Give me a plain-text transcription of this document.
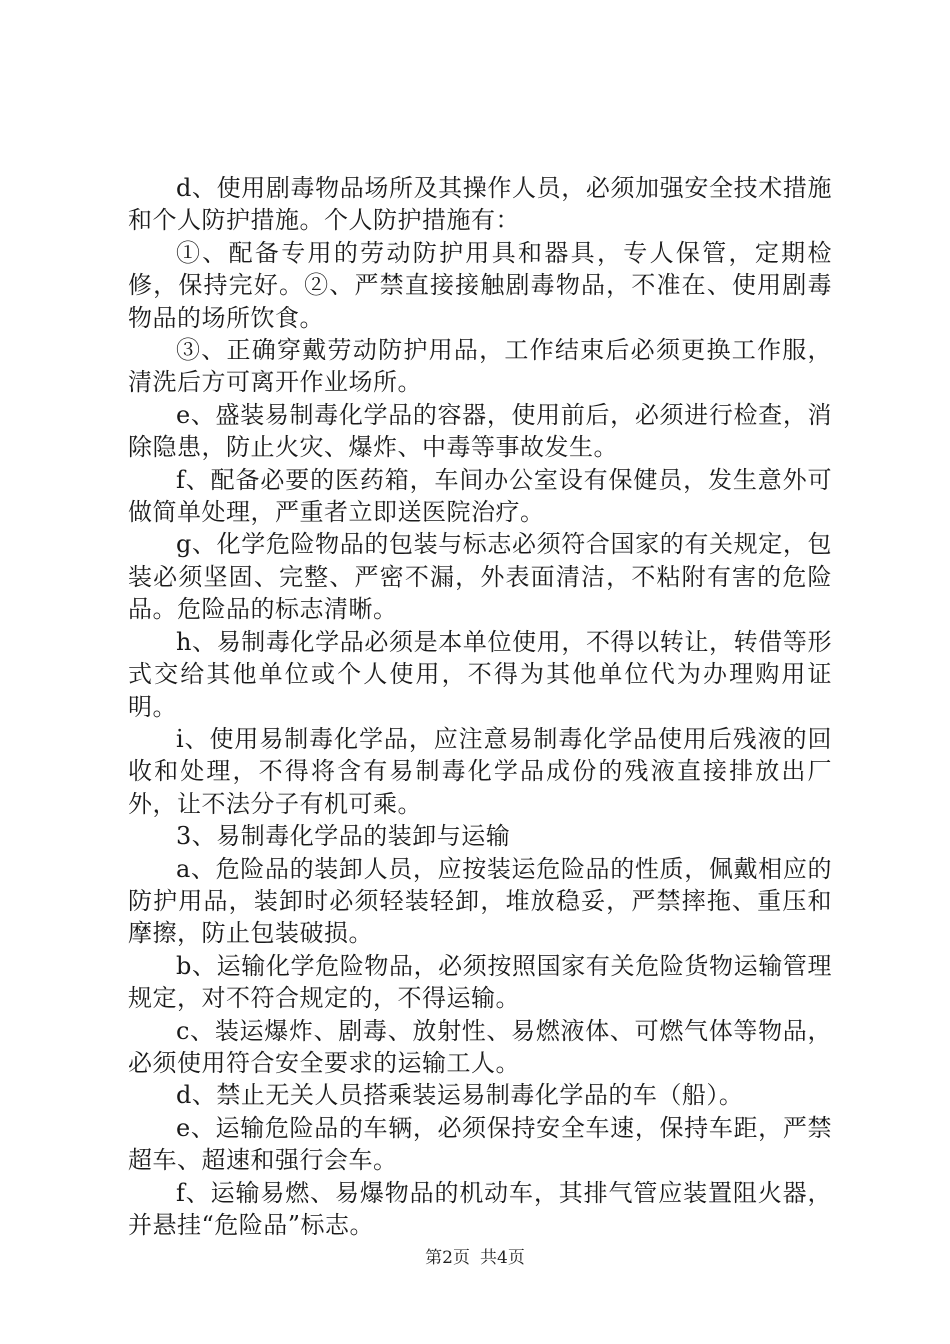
d、使用剧毒物品场所及其操作人员，必须加强安全技术措施和个人防护措施。个人防护措施有：

①、配备专用的劳动防护用具和器具，专人保管，定期检修，保持完好。②、严禁直接接触剧毒物品，不准在、使用剧毒物品的场所饮食。

③、正确穿戴劳动防护用品，工作结束后必须更换工作服，清洗后方可离开作业场所。

e、盛装易制毒化学品的容器，使用前后，必须进行检查，消除隐患，防止火灾、爆炸、中毒等事故发生。

f、配备必要的医药箱，车间办公室设有保健员，发生意外可做简单处理，严重者立即送医院治疗。

g、化学危险物品的包装与标志必须符合国家的有关规定，包装必须坚固、完整、严密不漏，外表面清洁，不粘附有害的危险品。危险品的标志清晰。

h、易制毒化学品必须是本单位使用，不得以转让，转借等形式交给其他单位或个人使用，不得为其他单位代为办理购用证明。

i、使用易制毒化学品，应注意易制毒化学品使用后残液的回收和处理，不得将含有易制毒化学品成份的残液直接排放出厂外，让不法分子有机可乘。

3、易制毒化学品的装卸与运输

a、危险品的装卸人员，应按装运危险品的性质，佩戴相应的防护用品，装卸时必须轻装轻卸，堆放稳妥，严禁摔拖、重压和摩擦，防止包装破损。

b、运输化学危险物品，必须按照国家有关危险货物运输管理规定，对不符合规定的，不得运输。

c、装运爆炸、剧毒、放射性、易燃液体、可燃气体等物品，必须使用符合安全要求的运输工人。

d、禁止无关人员搭乘装运易制毒化学品的车（船）。

e、运输危险品的车辆，必须保持安全车速，保持车距，严禁超车、超速和强行会车。

f、运输易燃、易爆物品的机动车，其排气管应装置阻火器，并悬挂“危险品”标志。

第2页 共4页
